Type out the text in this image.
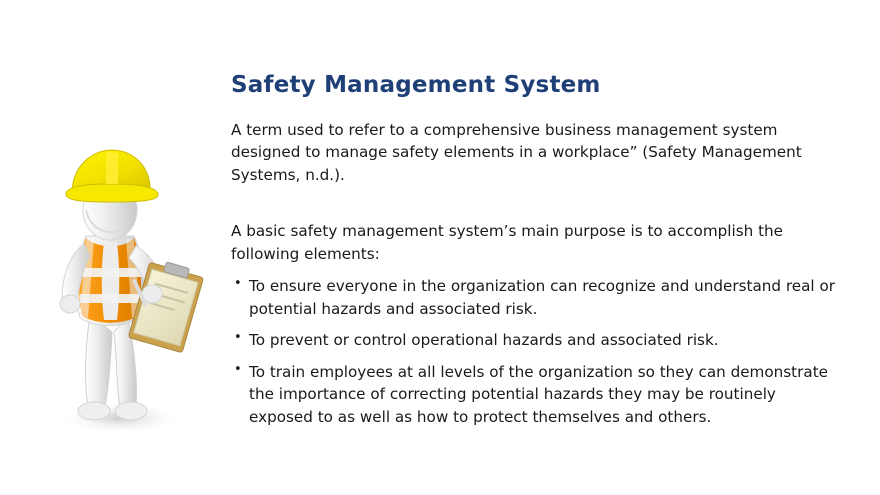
Safety Management System

A term used to refer to a comprehensive business management system designed to manage safety elements in a workplace” (Safety Management Systems, n.d.).

A basic safety management system’s main purpose is to accomplish the following elements:

• To ensure everyone in the organization can recognize and understand real or potential hazards and associated risk.
• To prevent or control operational hazards and associated risk.
• To train employees at all levels of the organization so they can demonstrate the importance of correcting potential hazards they may be routinely exposed to as well as how to protect themselves and others.
